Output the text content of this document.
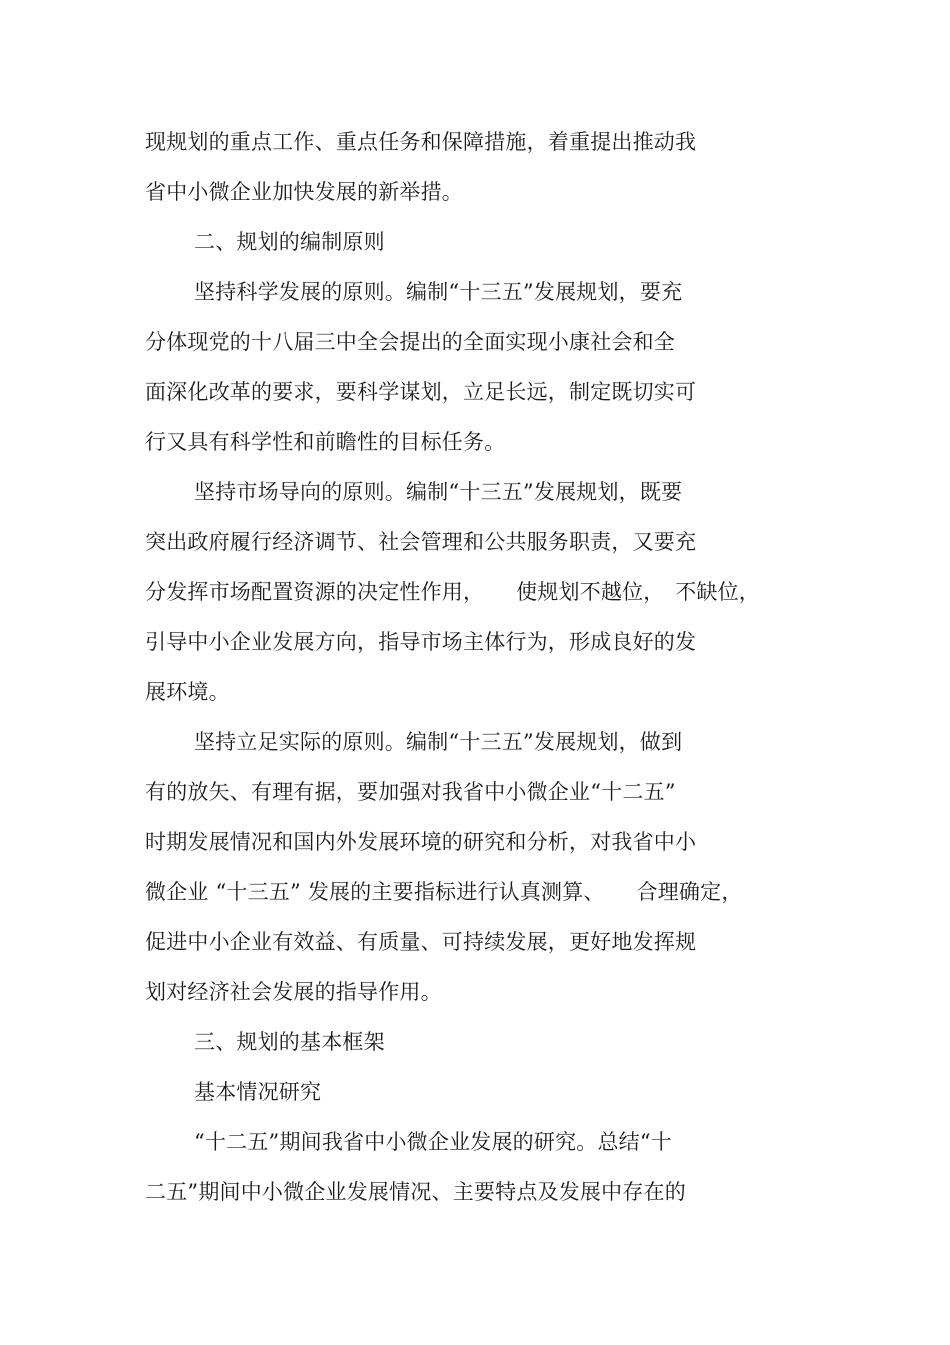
现规划的重点工作、重点任务和保障措施，着重提出推动我
省中小微企业加快发展的新举措。
二、规划的编制原则
坚持科学发展的原则。编制“十三五”发展规划，要充
分体现党的十八届三中全会提出的全面实现小康社会和全
面深化改革的要求，要科学谋划，立足长远，制定既切实可
行又具有科学性和前瞻性的目标任务。
坚持市场导向的原则。编制“十三五”发展规划，既要
突出政府履行经济调节、社会管理和公共服务职责，又要充
分发挥市场配置资源的决定性作用，　　使规划不越位，　不缺位，
引导中小企业发展方向，指导市场主体行为，形成良好的发
展环境。
坚持立足实际的原则。编制“十三五”发展规划，做到
有的放矢、有理有据，要加强对我省中小微企业“十二五”
时期发展情况和国内外发展环境的研究和分析，对我省中小
微企业 “十三五” 发展的主要指标进行认真测算、　　合理确定，
促进中小企业有效益、有质量、可持续发展，更好地发挥规
划对经济社会发展的指导作用。
三、规划的基本框架
基本情况研究
“十二五”期间我省中小微企业发展的研究。总结“十
二五”期间中小微企业发展情况、主要特点及发展中存在的
